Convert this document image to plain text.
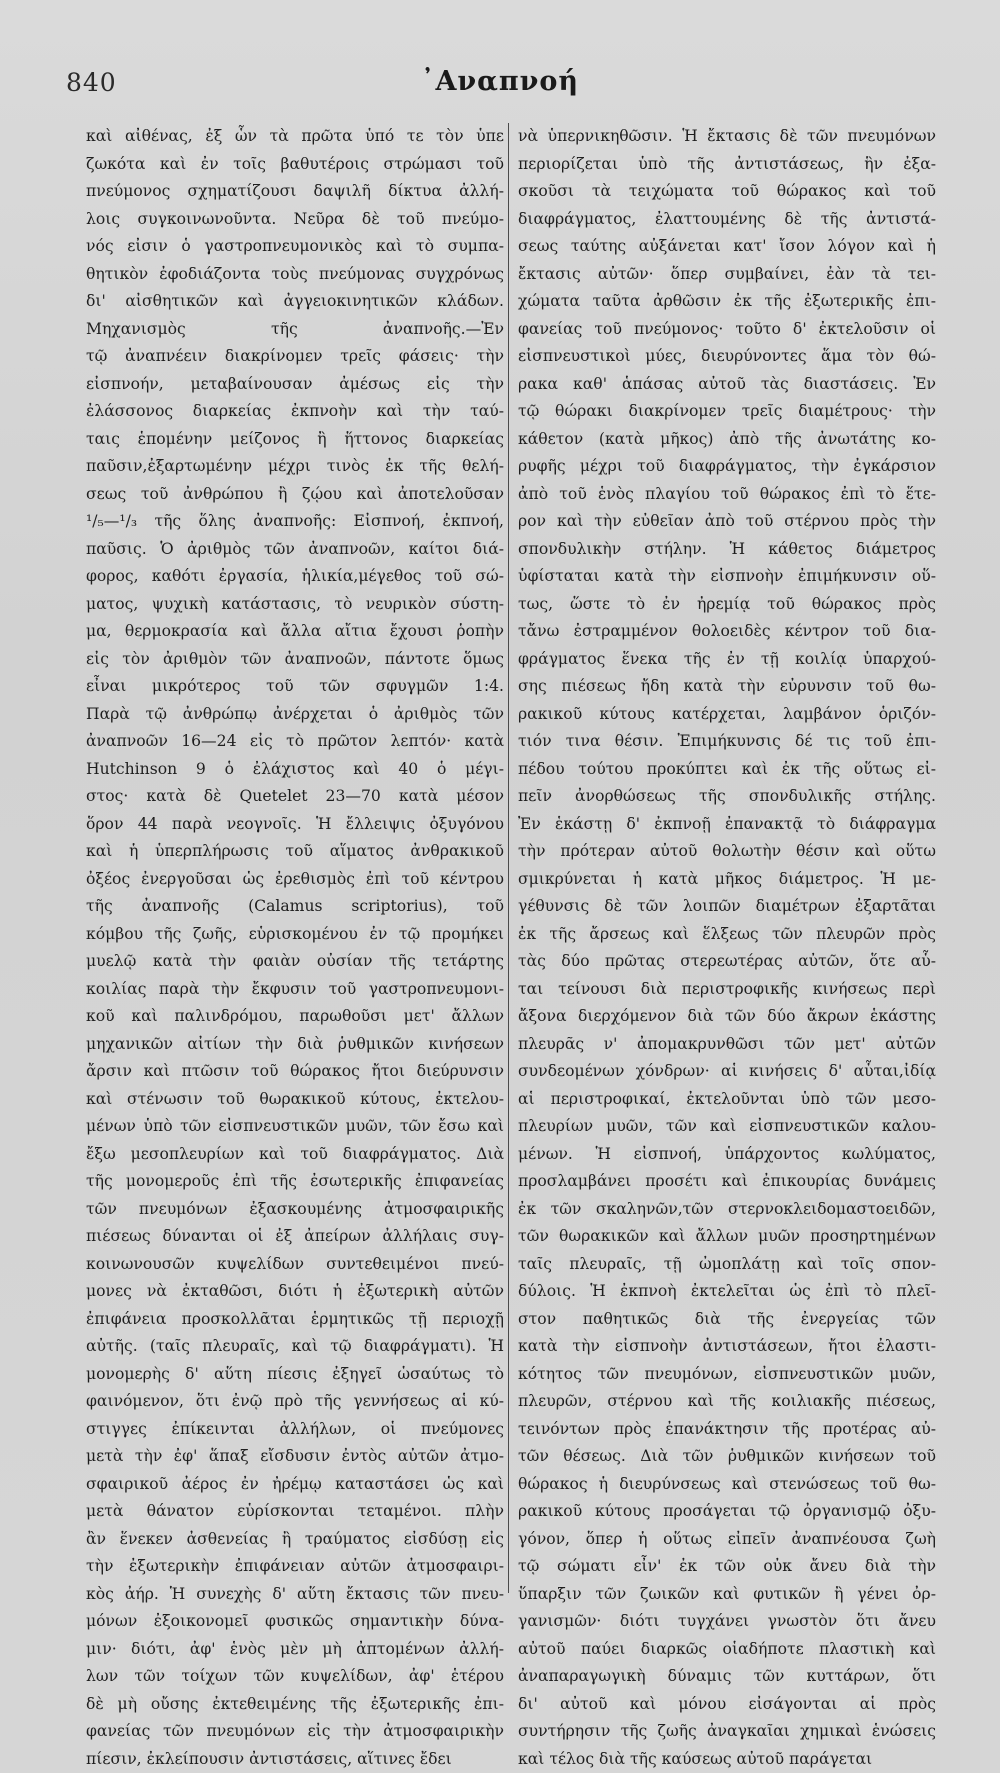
840	᾿Αναπνοή
καὶ αἰθένας, ἐξ ὧν τὰ πρῶτα ὑπό τε τὸν ὑπε
ζωκότα καὶ ἐν τοῖς βαθυτέροις στρώμασι τοῦ
πνεύμονος σχηματίζουσι δαψιλῆ δίκτυα ἀλλή-
λοις συγκοινωνοῦντα. Νεῦρα δὲ τοῦ πνεύμο-
νός εἰσιν ὁ γαστροπνευμονικὸς καὶ τὸ συμπα-
θητικὸν ἐφοδιάζοντα τοὺς πνεύμονας συγχρόνως
δι' αἰσθητικῶν καὶ ἀγγειοκινητικῶν κλάδων.
Μηχανισμὸς τῆς ἀναπνοῆς.—Ἐν
τῷ ἀναπνέειν διακρίνομεν τρεῖς φάσεις· τὴν
εἰσπνοήν, μεταβαίνουσαν ἀμέσως εἰς τὴν
ἐλάσσονος διαρκείας ἐκπνοὴν καὶ τὴν ταύ-
ταις ἑπομένην μείζονος ἢ ἥττονος διαρκείας
παῦσιν,ἐξαρτωμένην μέχρι τινὸς ἐκ τῆς θελή-
σεως τοῦ ἀνθρώπου ἢ ζῴου καὶ ἀποτελοῦσαν
¹/₅—¹/₃ τῆς ὅλης ἀναπνοῆς: Εἰσπνοή, ἐκπνοή,
παῦσις. Ὁ ἀριθμὸς τῶν ἀναπνοῶν, καίτοι διά-
φορος, καθότι ἐργασία, ἡλικία,μέγεθος τοῦ σώ-
ματος, ψυχικὴ κατάστασις, τὸ νευρικὸν σύστη-
μα, θερμοκρασία καὶ ἄλλα αἴτια ἔχουσι ῥοπὴν
εἰς τὸν ἀριθμὸν τῶν ἀναπνοῶν, πάντοτε ὅμως
εἶναι μικρότερος τοῦ τῶν σφυγμῶν 1:4.
Παρὰ τῷ ἀνθρώπῳ ἀνέρχεται ὁ ἀριθμὸς τῶν
ἀναπνοῶν 16—24 εἰς τὸ πρῶτον λεπτόν· κατὰ
Hutchinson 9 ὁ ἐλάχιστος καὶ 40 ὁ μέγι-
στος· κατὰ δὲ Quetelet 23—70 κατὰ μέσον
ὅρον 44 παρὰ νεογνοῖς. Ἡ ἔλλειψις ὀξυγόνου
καὶ ἡ ὑπερπλήρωσις τοῦ αἵματος ἀνθρακικοῦ
ὀξέος ἐνεργοῦσαι ὡς ἐρεθισμὸς ἐπὶ τοῦ κέντρου
τῆς ἀναπνοῆς (Calamus scriptorius), τοῦ
κόμβου τῆς ζωῆς, εὑρισκομένου ἐν τῷ προμήκει
μυελῷ κατὰ τὴν φαιὰν οὐσίαν τῆς τετάρτης
κοιλίας παρὰ τὴν ἔκφυσιν τοῦ γαστροπνευμονι-
κοῦ καὶ παλινδρόμου, παρωθοῦσι μετ' ἄλλων
μηχανικῶν αἰτίων τὴν διὰ ῥυθμικῶν κινήσεων
ἄρσιν καὶ πτῶσιν τοῦ θώρακος ἤτοι διεύρυνσιν
καὶ στένωσιν τοῦ θωρακικοῦ κύτους, ἐκτελου-
μένων ὑπὸ τῶν εἰσπνευστικῶν μυῶν, τῶν ἔσω καὶ
ἔξω μεσοπλευρίων καὶ τοῦ διαφράγματος. Διὰ
τῆς μονομεροῦς ἐπὶ τῆς ἐσωτερικῆς ἐπιφανείας
τῶν πνευμόνων ἐξασκουμένης ἀτμοσφαιρικῆς
πιέσεως δύνανται οἱ ἐξ ἀπείρων ἀλλήλαις συγ-
κοινωνουσῶν κυψελίδων συντεθειμένοι πνεύ-
μονες νὰ ἐκταθῶσι, διότι ἡ ἐξωτερικὴ αὐτῶν
ἐπιφάνεια προσκολλᾶται ἑρμητικῶς τῇ περιοχῇ
αὐτῆς. (ταῖς πλευραῖς, καὶ τῷ διαφράγματι). Ἡ
μονομερὴς δ' αὕτη πίεσις ἐξηγεῖ ὡσαύτως τὸ
φαινόμενον, ὅτι ἐνῷ πρὸ τῆς γεννήσεως αἱ κύ-
στιγγες ἐπίκεινται ἀλλήλων, οἱ πνεύμονες
μετὰ τὴν ἐφ' ἅπαξ εἴσδυσιν ἐντὸς αὐτῶν ἀτμο-
σφαιρικοῦ ἀέρος ἐν ἠρέμῳ καταστάσει ὡς καὶ
μετὰ θάνατον εὑρίσκονται τεταμένοι. πλὴν
ἂν ἕνεκεν ἀσθενείας ἢ τραύματος εἰσδύσῃ εἰς
τὴν ἐξωτερικὴν ἐπιφάνειαν αὐτῶν ἀτμοσφαιρι-
κὸς ἀήρ. Ἡ συνεχὴς δ' αὕτη ἔκτασις τῶν πνευ-
μόνων ἐξοικονομεῖ φυσικῶς σημαντικὴν δύνα-
μιν· διότι, ἀφ' ἑνὸς μὲν μὴ ἀπτομένων ἀλλή-
λων τῶν τοίχων τῶν κυψελίδων, ἀφ' ἑτέρου
δὲ μὴ οὔσης ἐκτεθειμένης τῆς ἐξωτερικῆς ἐπι-
φανείας τῶν πνευμόνων εἰς τὴν ἀτμοσφαιρικὴν
πίεσιν, ἐκλείπουσιν ἀντιστάσεις, αἵτινες ἔδει
νὰ ὑπερνικηθῶσιν. Ἡ ἔκτασις δὲ τῶν πνευμόνων
περιορίζεται ὑπὸ τῆς ἀντιστάσεως, ἣν ἐξα-
σκοῦσι τὰ τειχώματα τοῦ θώρακος καὶ τοῦ
διαφράγματος, ἐλαττουμένης δὲ τῆς ἀντιστά-
σεως ταύτης αὐξάνεται κατ' ἴσον λόγον καὶ ἡ
ἔκτασις αὐτῶν· ὅπερ συμβαίνει, ἐὰν τὰ τει-
χώματα ταῦτα ἀρθῶσιν ἐκ τῆς ἐξωτερικῆς ἐπι-
φανείας τοῦ πνεύμονος· τοῦτο δ' ἐκτελοῦσιν οἱ
εἰσπνευστικοὶ μύες, διευρύνοντες ἅμα τὸν θώ-
ρακα καθ' ἁπάσας αὐτοῦ τὰς διαστάσεις. Ἐν
τῷ θώρακι διακρίνομεν τρεῖς διαμέτρους· τὴν
κάθετον (κατὰ μῆκος) ἀπὸ τῆς ἀνωτάτης κο-
ρυφῆς μέχρι τοῦ διαφράγματος, τὴν ἐγκάρσιον
ἀπὸ τοῦ ἑνὸς πλαγίου τοῦ θώρακος ἐπὶ τὸ ἕτε-
ρον καὶ τὴν εὐθεῖαν ἀπὸ τοῦ στέρνου πρὸς τὴν
σπονδυλικὴν στήλην. Ἡ κάθετος διάμετρος
ὑφίσταται κατὰ τὴν εἰσπνοὴν ἐπιμήκυνσιν οὕ-
τως, ὥστε τὸ ἐν ἠρεμίᾳ τοῦ θώρακος πρὸς
τἄνω ἐστραμμένον θολοειδὲς κέντρον τοῦ δια-
φράγματος ἕνεκα τῆς ἐν τῇ κοιλίᾳ ὑπαρχού-
σης πιέσεως ἤδη κατὰ τὴν εὐρυνσιν τοῦ θω-
ρακικοῦ κύτους κατέρχεται, λαμβάνον ὁριζόν-
τιόν τινα θέσιν. Ἐπιμήκυνσις δέ τις τοῦ ἐπι-
πέδου τούτου προκύπτει καὶ ἐκ τῆς οὕτως εἰ-
πεῖν ἀνορθώσεως τῆς σπονδυλικῆς στήλης.
Ἐν ἑκάστῃ δ' ἐκπνοῇ ἐπανακτᾷ τὸ διάφραγμα
τὴν πρότεραν αὐτοῦ θολωτὴν θέσιν καὶ οὕτω
σμικρύνεται ἡ κατὰ μῆκος διάμετρος. Ἡ με-
γέθυνσις δὲ τῶν λοιπῶν διαμέτρων ἐξαρτᾶται
ἐκ τῆς ἄρσεως καὶ ἕλξεως τῶν πλευρῶν πρὸς
τὰς δύο πρῶτας στερεωτέρας αὐτῶν, ὅτε αὗ-
ται τείνουσι διὰ περιστροφικῆς κινήσεως περὶ
ἄξονα διερχόμενον διὰ τῶν δύο ἄκρων ἑκάστης
πλευρᾶς ν' ἀπομακρυνθῶσι τῶν μετ' αὐτῶν
συνδεομένων χόνδρων· αἱ κινήσεις δ' αὗται,ἰδίᾳ
αἱ περιστροφικαί, ἐκτελοῦνται ὑπὸ τῶν μεσο-
πλευρίων μυῶν, τῶν καὶ εἰσπνευστικῶν καλου-
μένων. Ἡ εἰσπνοή, ὑπάρχοντος κωλύματος,
προσλαμβάνει προσέτι καὶ ἐπικουρίας δυνάμεις
ἐκ τῶν σκαληνῶν,τῶν στερνοκλειδομαστοειδῶν,
τῶν θωρακικῶν καὶ ἄλλων μυῶν προσηρτημένων
ταῖς πλευραῖς, τῇ ὠμοπλάτῃ καὶ τοῖς σπον-
δύλοις. Ἡ ἐκπνοὴ ἐκτελεῖται ὡς ἐπὶ τὸ πλεῖ-
στον παθητικῶς διὰ τῆς ἐνεργείας τῶν
κατὰ τὴν εἰσπνοὴν ἀντιστάσεων, ἤτοι ἐλαστι-
κότητος τῶν πνευμόνων, εἰσπνευστικῶν μυῶν,
πλευρῶν, στέρνου καὶ τῆς κοιλιακῆς πιέσεως,
τεινόντων πρὸς ἐπανάκτησιν τῆς προτέρας αὐ-
τῶν θέσεως. Διὰ τῶν ῥυθμικῶν κινήσεων τοῦ
θώρακος ἡ διευρύνσεως καὶ στενώσεως τοῦ θω-
ρακικοῦ κύτους προσάγεται τῷ ὀργανισμῷ ὀξυ-
γόνον, ὅπερ ἡ οὕτως εἰπεῖν ἀναπνέουσα ζωὴ
τῷ σώματι εἶν' ἐκ τῶν οὐκ ἄνευ διὰ τὴν
ὕπαρξιν τῶν ζωικῶν καὶ φυτικῶν ἢ γένει ὀρ-
γανισμῶν· διότι τυγχάνει γνωστὸν ὅτι ἄνευ
αὐτοῦ παύει διαρκῶς οἱαδήποτε πλαστικὴ καὶ
ἀναπαραγωγικὴ δύναμις τῶν κυττάρων, ὅτι
δι' αὐτοῦ καὶ μόνου εἰσάγονται αἱ πρὸς
συντήρησιν τῆς ζωῆς ἀναγκαῖαι χημικαὶ ἑνώσεις
καὶ τέλος διὰ τῆς καύσεως αὐτοῦ παράγεται
